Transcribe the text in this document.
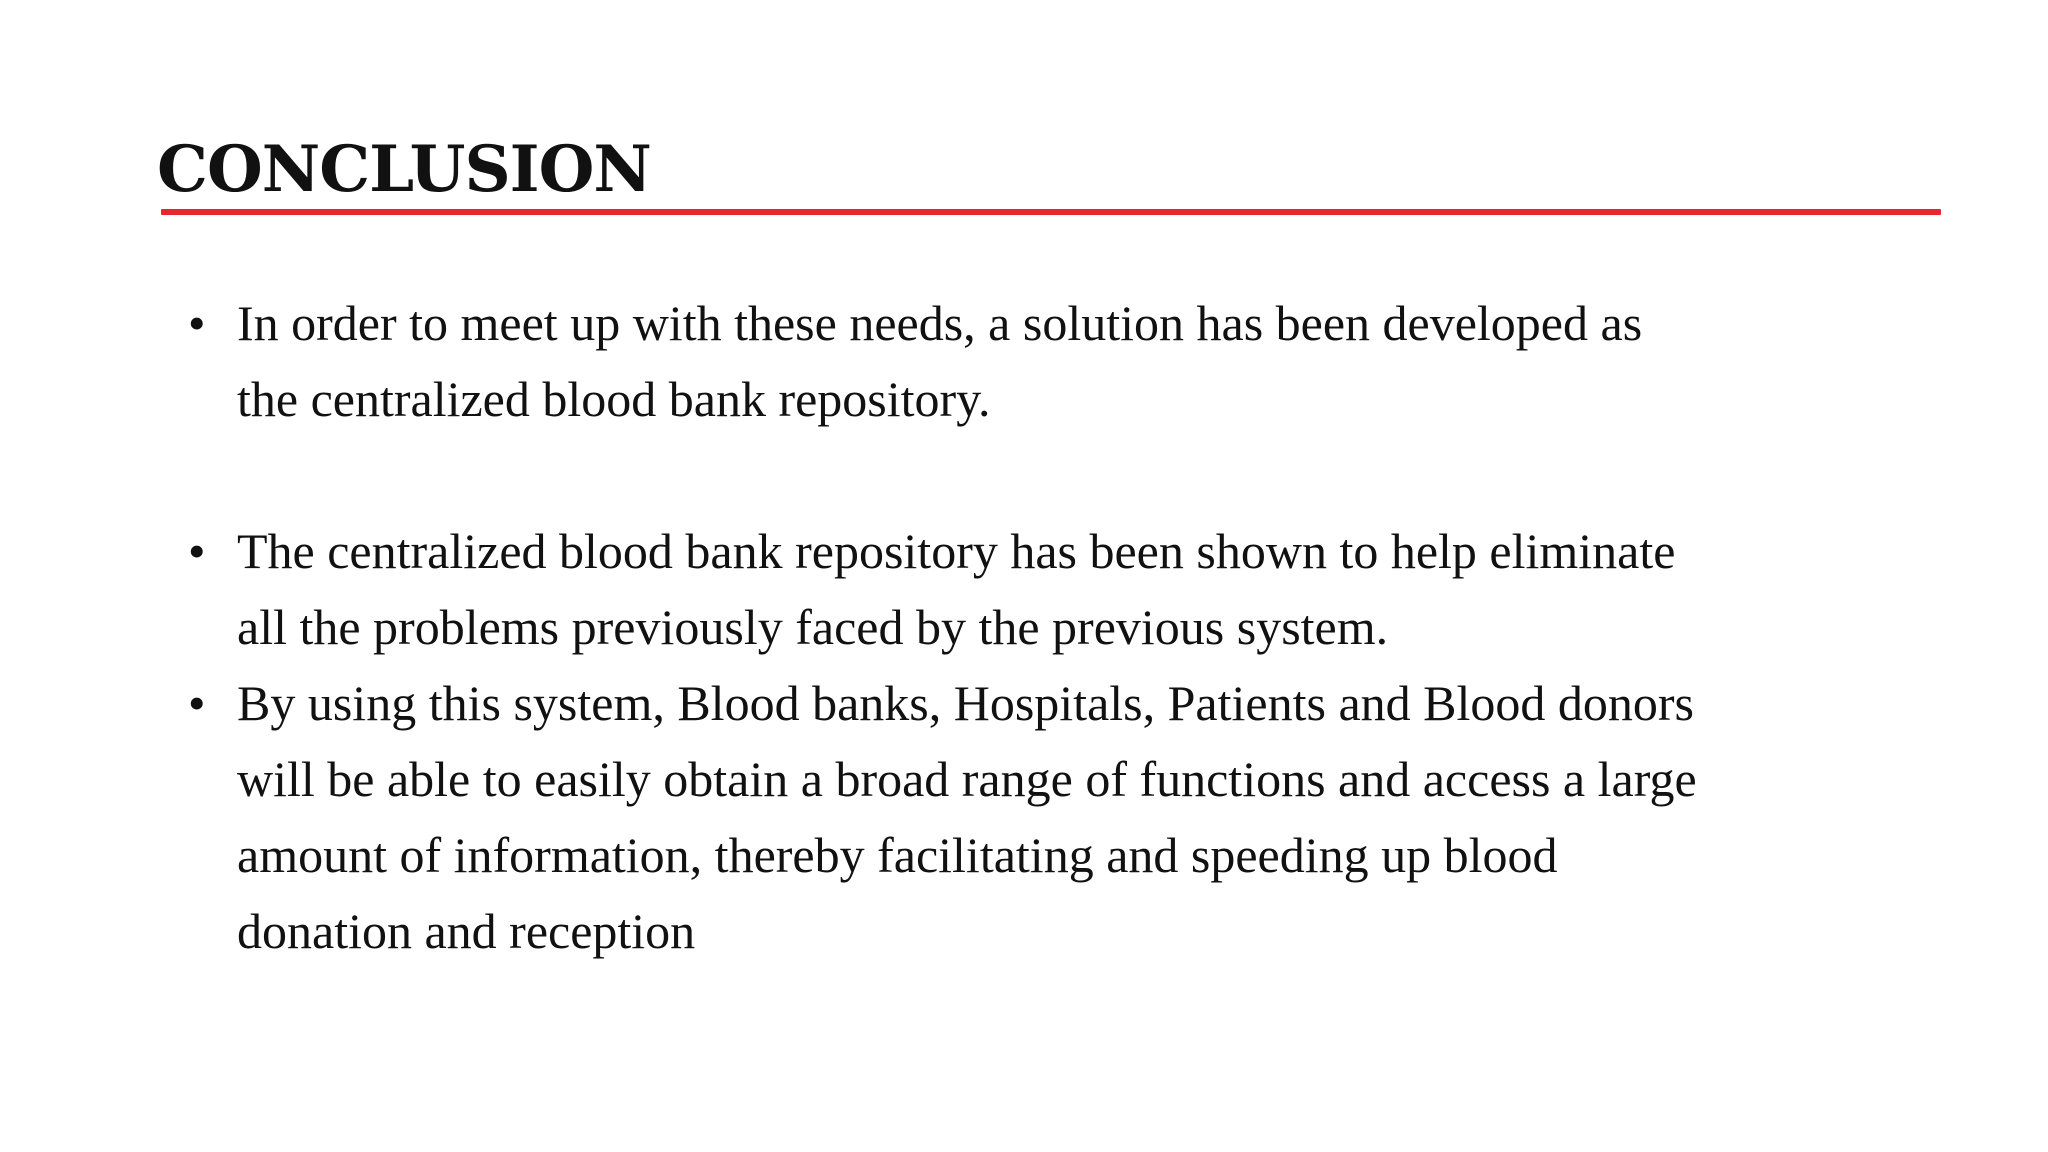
CONCLUSION
• In order to meet up with these needs, a solution has been developed as
the centralized blood bank repository.
• The centralized blood bank repository has been shown to help eliminate
all the problems previously faced by the previous system.
• By using this system, Blood banks, Hospitals, Patients and Blood donors
will be able to easily obtain a broad range of functions and access a large
amount of information, thereby facilitating and speeding up blood
donation and reception
